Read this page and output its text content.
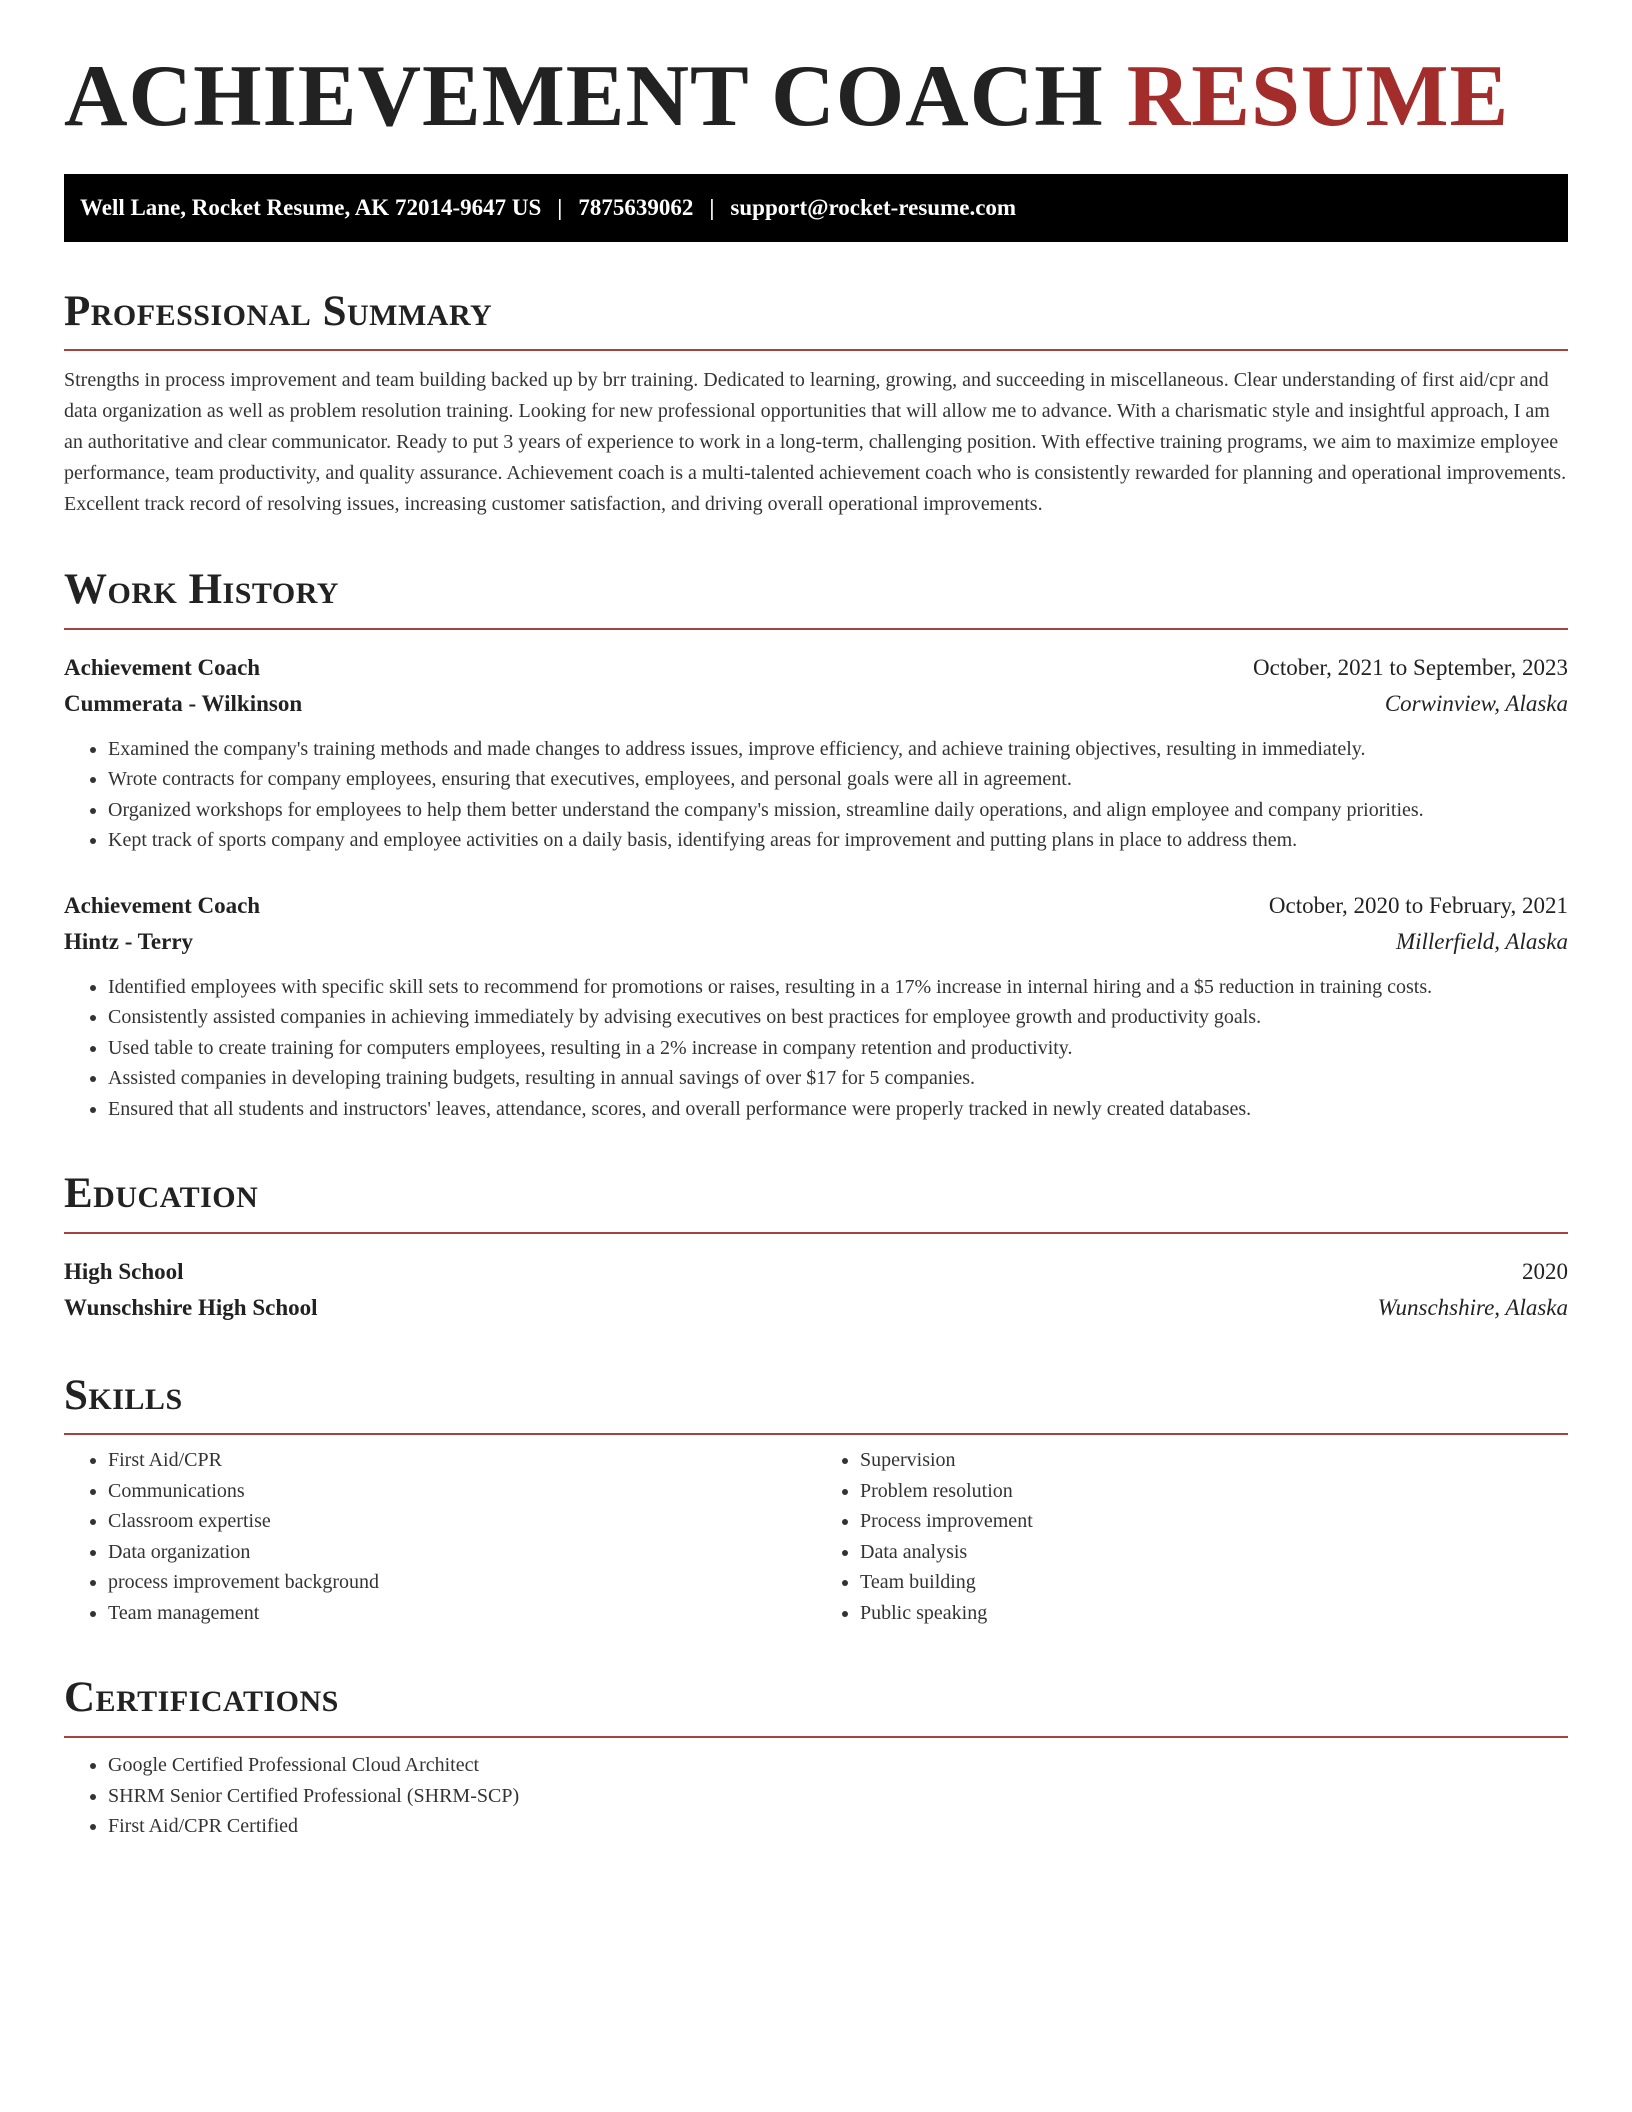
ACHIEVEMENT COACH RESUME
Well Lane, Rocket Resume, AK 72014-9647 US | 7875639062 | support@rocket-resume.com
Professional Summary
Strengths in process improvement and team building backed up by brr training. Dedicated to learning, growing, and succeeding in miscellaneous. Clear understanding of first aid/cpr and data organization as well as problem resolution training. Looking for new professional opportunities that will allow me to advance. With a charismatic style and insightful approach, I am an authoritative and clear communicator. Ready to put 3 years of experience to work in a long-term, challenging position. With effective training programs, we aim to maximize employee performance, team productivity, and quality assurance. Achievement coach is a multi-talented achievement coach who is consistently rewarded for planning and operational improvements. Excellent track record of resolving issues, increasing customer satisfaction, and driving overall operational improvements.
Work History
Achievement Coach	October, 2021 to September, 2023
Cummerata - Wilkinson	Corwinview, Alaska
• Examined the company's training methods and made changes to address issues, improve efficiency, and achieve training objectives, resulting in immediately.
• Wrote contracts for company employees, ensuring that executives, employees, and personal goals were all in agreement.
• Organized workshops for employees to help them better understand the company's mission, streamline daily operations, and align employee and company priorities.
• Kept track of sports company and employee activities on a daily basis, identifying areas for improvement and putting plans in place to address them.
Achievement Coach	October, 2020 to February, 2021
Hintz - Terry	Millerfield, Alaska
• Identified employees with specific skill sets to recommend for promotions or raises, resulting in a 17% increase in internal hiring and a $5 reduction in training costs.
• Consistently assisted companies in achieving immediately by advising executives on best practices for employee growth and productivity goals.
• Used table to create training for computers employees, resulting in a 2% increase in company retention and productivity.
• Assisted companies in developing training budgets, resulting in annual savings of over $17 for 5 companies.
• Ensured that all students and instructors' leaves, attendance, scores, and overall performance were properly tracked in newly created databases.
Education
High School	2020
Wunschshire High School	Wunschshire, Alaska
Skills
• First Aid/CPR
• Communications
• Classroom expertise
• Data organization
• process improvement background
• Team management
• Supervision
• Problem resolution
• Process improvement
• Data analysis
• Team building
• Public speaking
Certifications
• Google Certified Professional Cloud Architect
• SHRM Senior Certified Professional (SHRM-SCP)
• First Aid/CPR Certified
